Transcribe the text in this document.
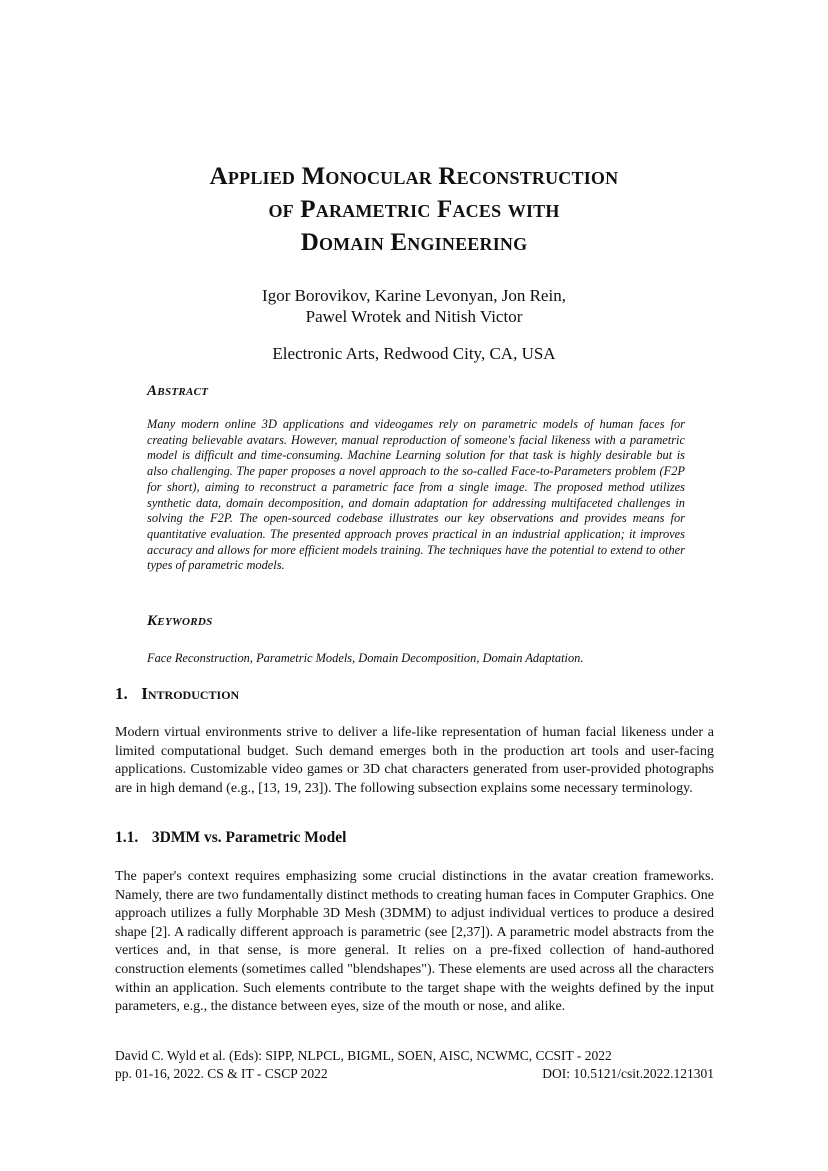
Applied Monocular Reconstruction
of Parametric Faces with
Domain Engineering
Igor Borovikov, Karine Levonyan, Jon Rein,
Pawel Wrotek and Nitish Victor
Electronic Arts, Redwood City, CA, USA
Abstract
Many modern online 3D applications and videogames rely on parametric models of human faces for creating believable avatars. However, manual reproduction of someone's facial likeness with a parametric model is difficult and time-consuming. Machine Learning solution for that task is highly desirable but is also challenging. The paper proposes a novel approach to the so-called Face-to-Parameters problem (F2P for short), aiming to reconstruct a parametric face from a single image. The proposed method utilizes synthetic data, domain decomposition, and domain adaptation for addressing multifaceted challenges in solving the F2P. The open-sourced codebase illustrates our key observations and provides means for quantitative evaluation. The presented approach proves practical in an industrial application; it improves accuracy and allows for more efficient models training. The techniques have the potential to extend to other types of parametric models.
Keywords
Face Reconstruction, Parametric Models, Domain Decomposition, Domain Adaptation.
1. Introduction
Modern virtual environments strive to deliver a life-like representation of human facial likeness under a limited computational budget. Such demand emerges both in the production art tools and user-facing applications. Customizable video games or 3D chat characters generated from user-provided photographs are in high demand (e.g., [13, 19, 23]). The following subsection explains some necessary terminology.
1.1. 3DMM vs. Parametric Model
The paper's context requires emphasizing some crucial distinctions in the avatar creation frameworks. Namely, there are two fundamentally distinct methods to creating human faces in Computer Graphics. One approach utilizes a fully Morphable 3D Mesh (3DMM) to adjust individual vertices to produce a desired shape [2]. A radically different approach is parametric (see [2,37]). A parametric model abstracts from the vertices and, in that sense, is more general. It relies on a pre-fixed collection of hand-authored construction elements (sometimes called "blendshapes"). These elements are used across all the characters within an application. Such elements contribute to the target shape with the weights defined by the input parameters, e.g., the distance between eyes, size of the mouth or nose, and alike.
David C. Wyld et al. (Eds): SIPP, NLPCL, BIGML, SOEN, AISC, NCWMC, CCSIT - 2022
pp. 01-16, 2022. CS & IT - CSCP 2022	DOI: 10.5121/csit.2022.121301
